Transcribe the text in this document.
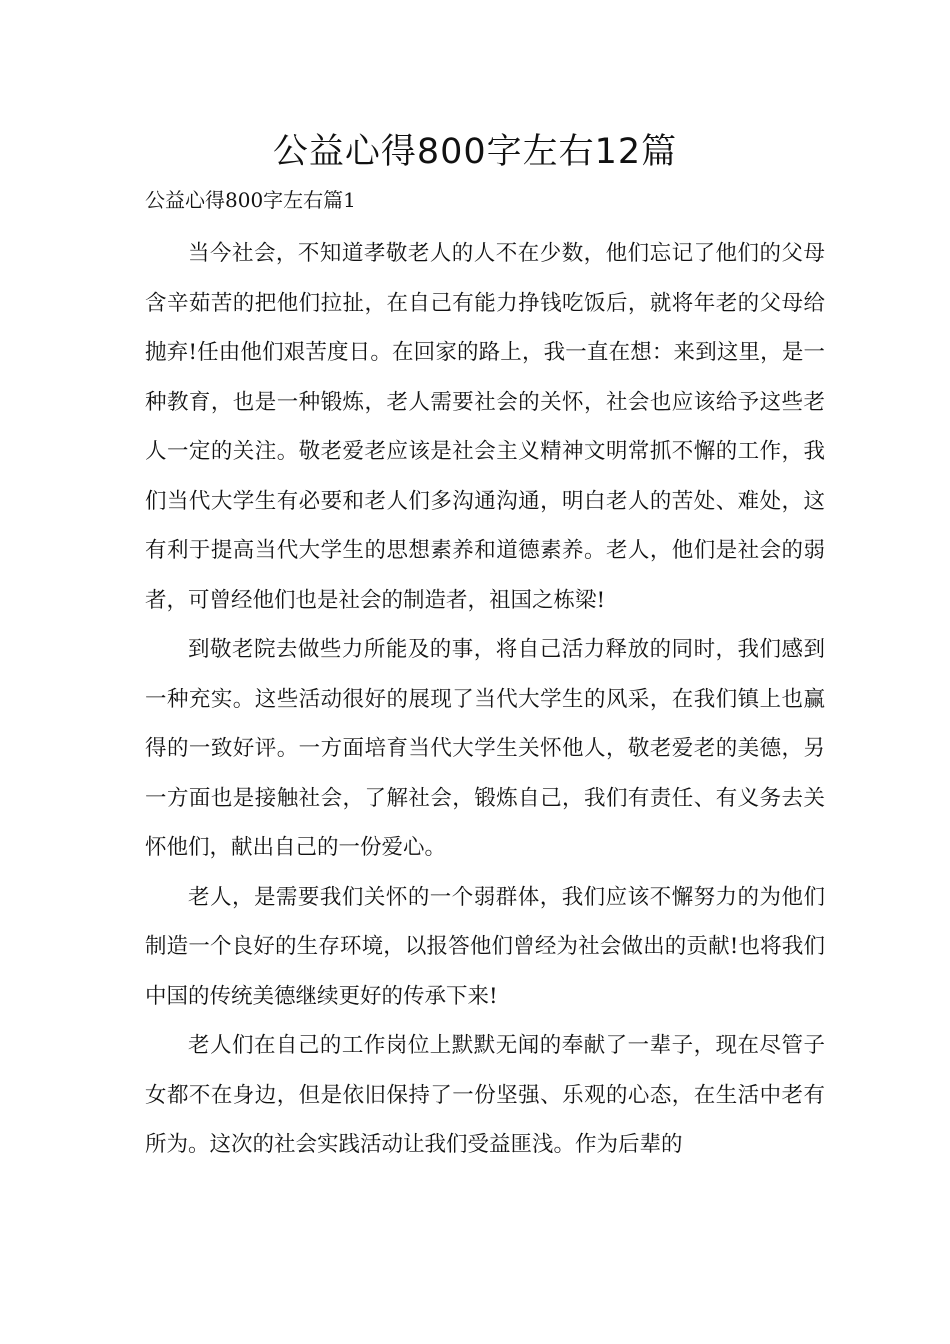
公益心得800字左右12篇
公益心得800字左右篇1

当今社会，不知道孝敬老人的人不在少数，他们忘记了他们的父母含辛茹苦的把他们拉扯，在自己有能力挣钱吃饭后，就将年老的父母给抛弃!任由他们艰苦度日。在回家的路上，我一直在想：来到这里，是一种教育，也是一种锻炼，老人需要社会的关怀，社会也应该给予这些老人一定的关注。敬老爱老应该是社会主义精神文明常抓不懈的工作，我们当代大学生有必要和老人们多沟通沟通，明白老人的苦处、难处，这有利于提高当代大学生的思想素养和道德素养。老人，他们是社会的弱者，可曾经他们也是社会的制造者，祖国之栋梁!

到敬老院去做些力所能及的事，将自己活力释放的同时，我们感到一种充实。这些活动很好的展现了当代大学生的风采，在我们镇上也赢得的一致好评。一方面培育当代大学生关怀他人，敬老爱老的美德，另一方面也是接触社会，了解社会，锻炼自己，我们有责任、有义务去关怀他们，献出自己的一份爱心。

老人，是需要我们关怀的一个弱群体，我们应该不懈努力的为他们制造一个良好的生存环境，以报答他们曾经为社会做出的贡献!也将我们中国的传统美德继续更好的传承下来!

老人们在自己的工作岗位上默默无闻的奉献了一辈子，现在尽管子女都不在身边，但是依旧保持了一份坚强、乐观的心态，在生活中老有所为。这次的社会实践活动让我们受益匪浅。作为后辈的
